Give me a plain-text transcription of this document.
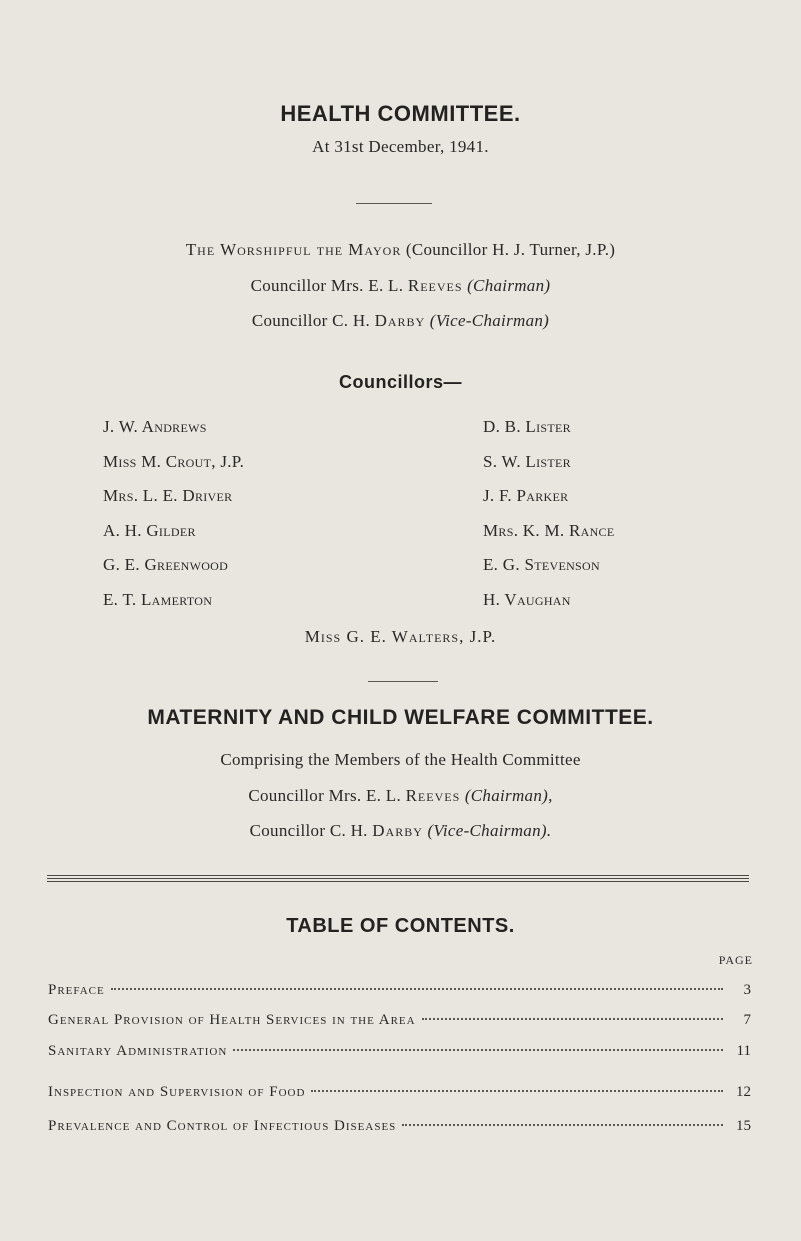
HEALTH COMMITTEE.
At 31st December, 1941.
The Worshipful the Mayor (Councillor H. J. Turner, J.P.)
Councillor Mrs. E. L. Reeves (Chairman)
Councillor C. H. Darby (Vice-Chairman)
Councillors—
J. W. Andrews
Miss M. Crout, J.P.
Mrs. L. E. Driver
A. H. Gilder
G. E. Greenwood
E. T. Lamerton
D. B. Lister
S. W. Lister
J. F. Parker
Mrs. K. M. Rance
E. G. Stevenson
H. Vaughan
Miss G. E. Walters, J.P.
MATERNITY AND CHILD WELFARE COMMITTEE.
Comprising the Members of the Health Committee
Councillor Mrs. E. L. Reeves (Chairman),
Councillor C. H. Darby (Vice-Chairman).
TABLE OF CONTENTS.
PAGE
Preface	3
General Provision of Health Services in the Area	7
Sanitary Administration	11
Inspection and Supervision of Food	12
Prevalence and Control of Infectious Diseases	15
